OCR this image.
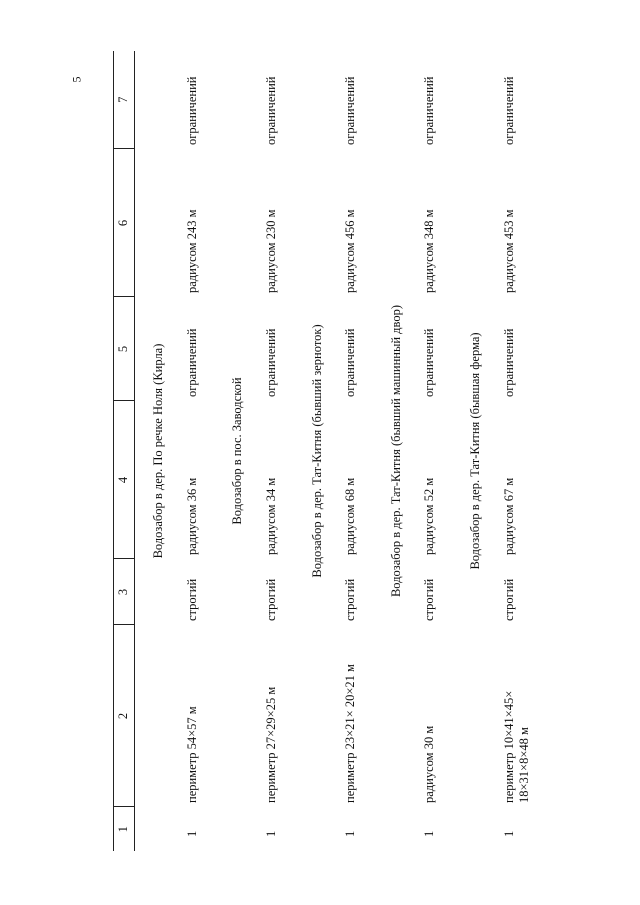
5
1	2	3	4	5	6	7
Водозабор в дер. По речке Ноля (Кирла)						
1	периметр 54×57 м	строгий	радиусом 36 м	ограничений	радиусом 243 м	ограничений
Водозабор в пос. Заводской						
1	периметр 27×29×25 м	строгий	радиусом 34 м	ограничений	радиусом 230 м	ограничений
Водозабор в дер. Тат-Китня (бывший зерноток)						
1	периметр 23×21× 20×21 м	строгий	радиусом 68 м	ограничений	радиусом 456 м	ограничений
Водозабор в дер. Тат-Китня (бывший машинный двор)						
1	радиусом 30 м	строгий	радиусом 52 м	ограничений	радиусом 348 м	ограничений
Водозабор в дер. Тат-Китня (бывшая ферма)						
1	периметр 10×41×45× 18×31×8×48 м	строгий	радиусом 67 м	ограничений	радиусом 453 м	ограничений
